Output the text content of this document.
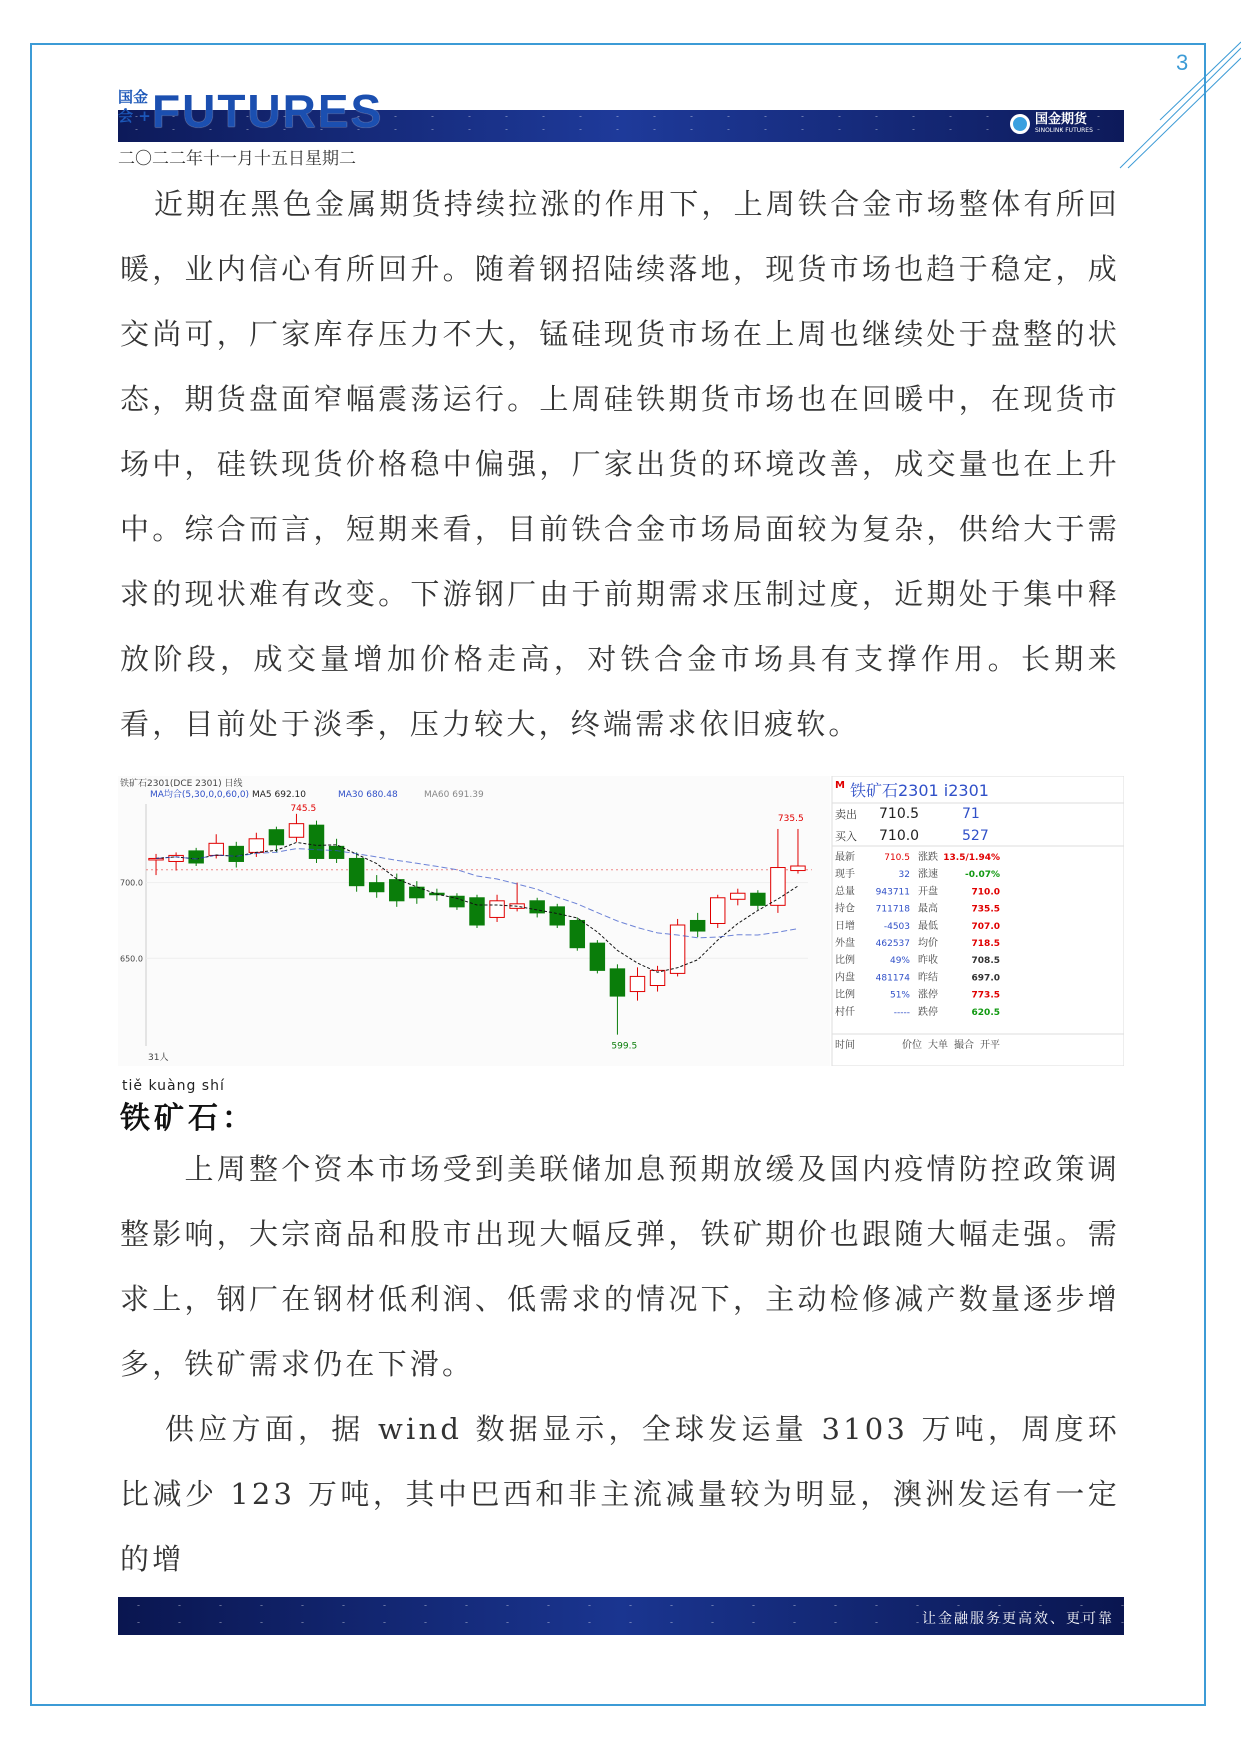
3
国金
会 + FUTURES	国金期货
SINOLINK FUTURES
二〇二二年十一月十五日星期二

近期在黑色金属期货持续拉涨的作用下，上周铁合金市场整体有所回暖，业内信心有所回升。随着钢招陆续落地，现货市场也趋于稳定，成交尚可，厂家库存压力不大，锰硅现货市场在上周也继续处于盘整的状态，期货盘面窄幅震荡运行。上周硅铁期货市场也在回暖中，在现货市场中，硅铁现货价格稳中偏强，厂家出货的环境改善，成交量也在上升中。综合而言，短期来看，目前铁合金市场局面较为复杂，供给大于需求的现状难有改变。下游钢厂由于前期需求压制过度，近期处于集中释放阶段，成交量增加价格走高，对铁合金市场具有支撑作用。长期来看，目前处于淡季，压力较大，终端需求依旧疲软。

铁矿石2301(DCE 2301) 日线
MA均合(5,30,0,0,60,0) MA5 692.10	MA30 680.48	MA60 691.39
700.0
650.0
745.5
735.5
599.5
31人
M 铁矿石2301 i2301
卖出 710.5	71
买入 710.0	527
最新	710.5 涨跌 13.5/1.94%
现手	32 涨速	-0.07%
总量 943711 开盘	710.0
持仓 711718 最高	735.5
日增	-4503 最低	707.0
外盘 462537 均价	718.5
比例	49% 昨收	708.5
内盘 481174 昨结	697.0
比例	51% 涨停	773.5
村仟	----- 跌停	620.5
时间	价位 大单 撮合 开平
tiě kuàng shí
铁矿石：

　　上周整个资本市场受到美联储加息预期放缓及国内疫情防控政策调整影响，大宗商品和股市出现大幅反弹，铁矿期价也跟随大幅走强。需求上，钢厂在钢材低利润、低需求的情况下，主动检修减产数量逐步增多，铁矿需求仍在下滑。

供应方面，据 wind 数据显示，全球发运量 3103 万吨，周度环比减少 123 万吨，其中巴西和非主流减量较为明显，澳洲发运有一定的增

让金融服务更高效、更可靠
